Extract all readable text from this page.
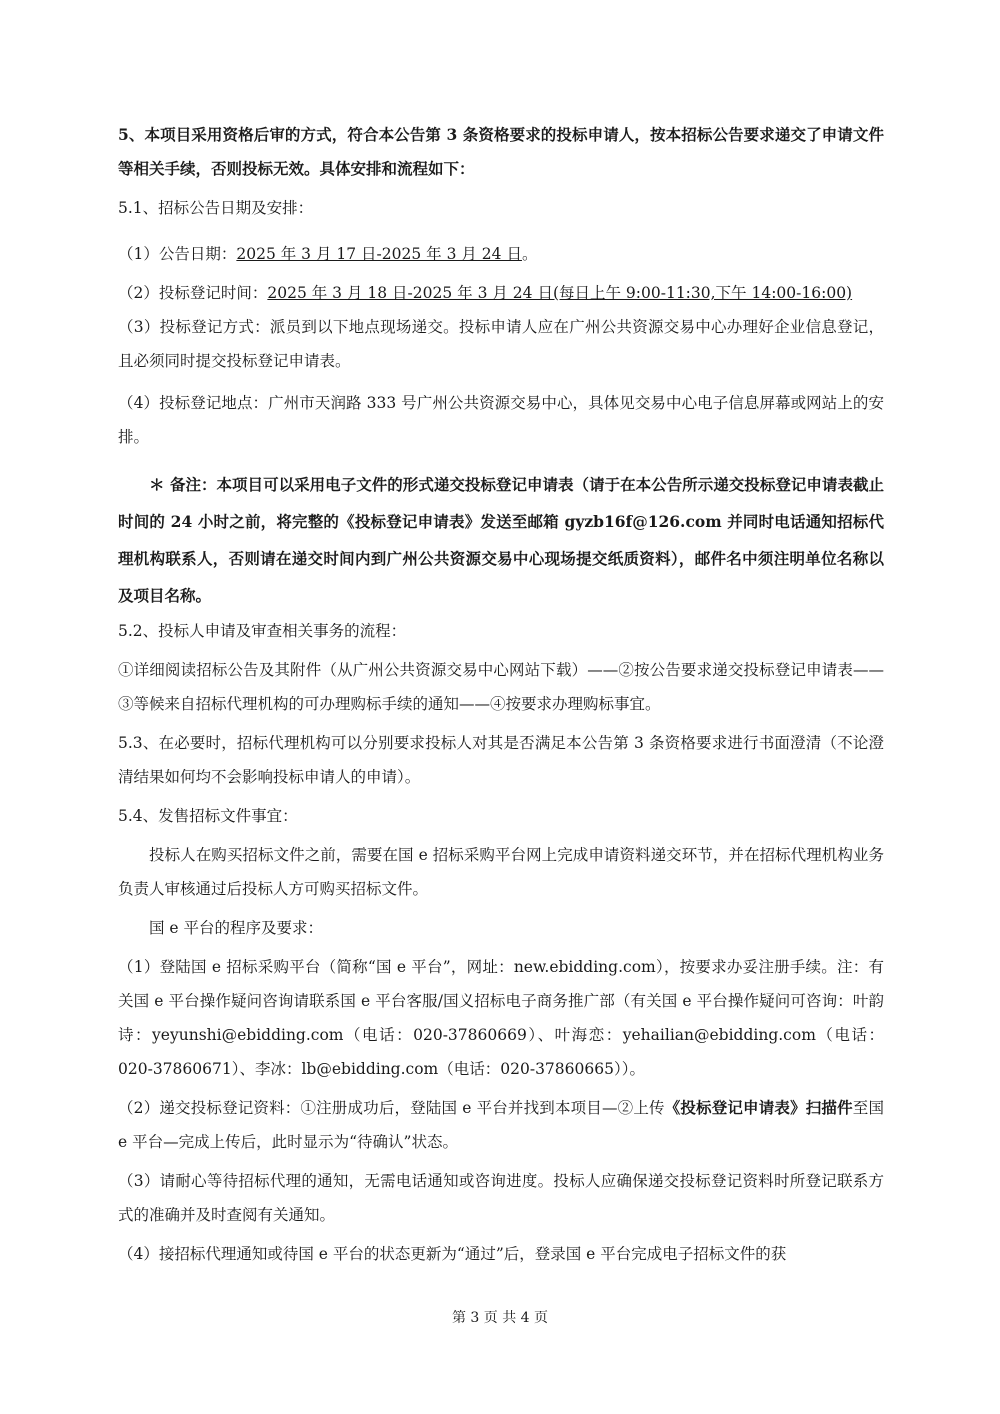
5、本项目采用资格后审的方式，符合本公告第 3 条资格要求的投标申请人，按本招标公告要求递交了申请文件等相关手续，否则投标无效。具体安排和流程如下：

5.1、招标公告日期及安排：

（1）公告日期：2025 年 3 月 17 日-2025 年 3 月 24 日。

（2）投标登记时间：2025 年 3 月 18 日-2025 年 3 月 24 日(每日上午 9:00-11:30,下午 14:00-16:00)

（3）投标登记方式：派员到以下地点现场递交。投标申请人应在广州公共资源交易中心办理好企业信息登记，且必须同时提交投标登记申请表。

（4）投标登记地点：广州市天润路 333 号广州公共资源交易中心，具体见交易中心电子信息屏幕或网站上的安排。

＊ 备注：本项目可以采用电子文件的形式递交投标登记申请表（请于在本公告所示递交投标登记申请表截止时间的 24 小时之前，将完整的《投标登记申请表》发送至邮箱 gyzb16f@126.com 并同时电话通知招标代理机构联系人，否则请在递交时间内到广州公共资源交易中心现场提交纸质资料），邮件名中须注明单位名称以及项目名称。

5.2、投标人申请及审查相关事务的流程：

①详细阅读招标公告及其附件（从广州公共资源交易中心网站下载）——②按公告要求递交投标登记申请表——③等候来自招标代理机构的可办理购标手续的通知——④按要求办理购标事宜。

5.3、在必要时，招标代理机构可以分别要求投标人对其是否满足本公告第 3 条资格要求进行书面澄清（不论澄清结果如何均不会影响投标申请人的申请）。

5.4、发售招标文件事宜：

投标人在购买招标文件之前，需要在国 e 招标采购平台网上完成申请资料递交环节，并在招标代理机构业务负责人审核通过后投标人方可购买招标文件。

国 e 平台的程序及要求：

（1）登陆国 e 招标采购平台（简称“国 e 平台”，网址：new.ebidding.com），按要求办妥注册手续。注：有关国 e 平台操作疑问咨询请联系国 e 平台客服/国义招标电子商务推广部（有关国 e 平台操作疑问可咨询：叶韵诗：yeyunshi@ebidding.com（电话：020-37860669）、叶海恋：yehailian@ebidding.com（电话：020-37860671）、李冰：lb@ebidding.com（电话：020-37860665））。

（2）递交投标登记资料：①注册成功后，登陆国 e 平台并找到本项目—②上传《投标登记申请表》扫描件至国 e 平台—完成上传后，此时显示为“待确认”状态。

（3）请耐心等待招标代理的通知，无需电话通知或咨询进度。投标人应确保递交投标登记资料时所登记联系方式的准确并及时查阅有关通知。

（4）接招标代理通知或待国 e 平台的状态更新为“通过”后，登录国 e 平台完成电子招标文件的获

第 3 页 共 4 页
